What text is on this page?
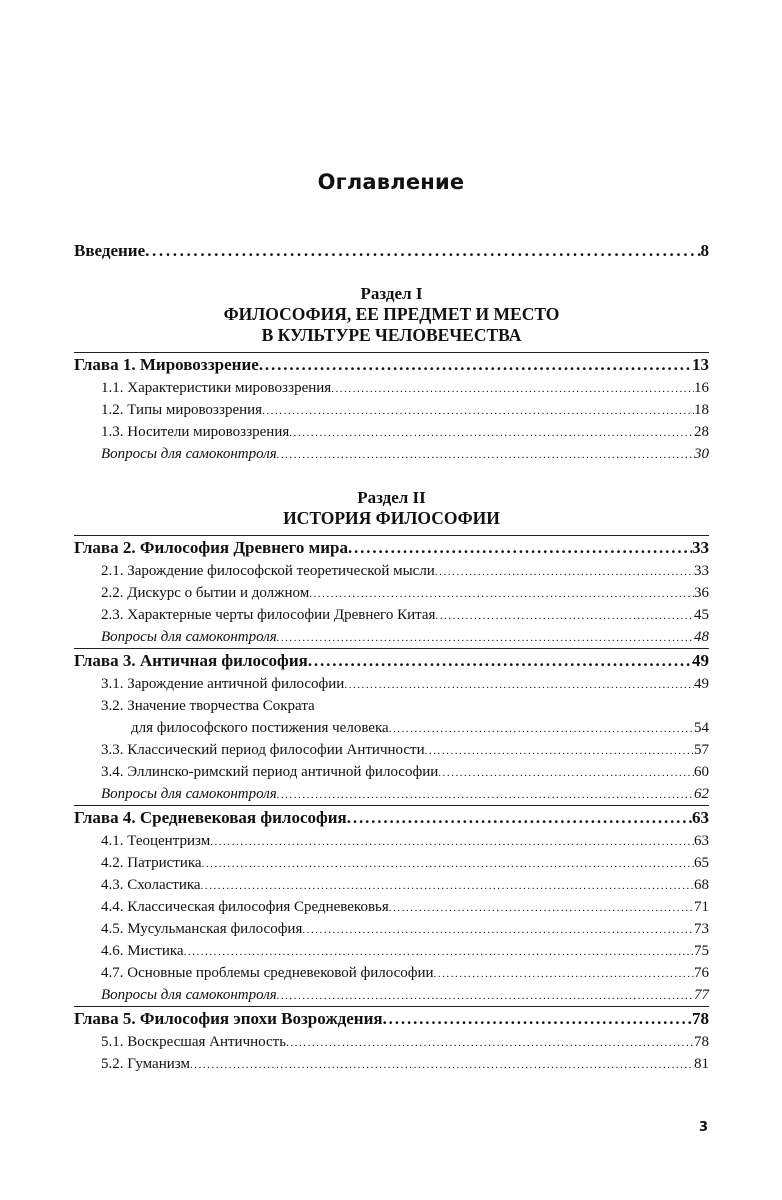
Оглавление
Введение . . .	8
Раздел I
ФИЛОСОФИЯ, ЕЕ ПРЕДМЕТ И МЕСТО
В КУЛЬТУРЕ ЧЕЛОВЕЧЕСТВА
Глава 1. Мировоззрение . . .	13
1.1. Характеристики мировоззрения . . .	16
1.2. Типы мировоззрения . . .	18
1.3. Носители мировоззрения . . .	28
Вопросы для самоконтроля . . .	30
Раздел II
ИСТОРИЯ ФИЛОСОФИИ
Глава 2. Философия Древнего мира . . .	33
2.1. Зарождение философской теоретической мысли . . .	33
2.2. Дискурс о бытии и должном . . .	36
2.3. Характерные черты философии Древнего Китая . . .	45
Вопросы для самоконтроля . . .	48
Глава 3. Античная философия . . .	49
3.1. Зарождение античной философии . . .	49
3.2. Значение творчества Сократа
для философского постижения человека . . .	54
3.3. Классический период философии Античности . . .	57
3.4. Эллинско-римский период античной философии . . .	60
Вопросы для самоконтроля . . .	62
Глава 4. Средневековая философия . . .	63
4.1. Теоцентризм . . .	63
4.2. Патристика . . .	65
4.3. Схоластика . . .	68
4.4. Классическая философия Средневековья . . .	71
4.5. Мусульманская философия . . .	73
4.6. Мистика . . .	75
4.7. Основные проблемы средневековой философии . . .	76
Вопросы для самоконтроля . . .	77
Глава 5. Философия эпохи Возрождения . . .	78
5.1. Воскресшая Античность . . .	78
5.2. Гуманизм . . .	81
3
